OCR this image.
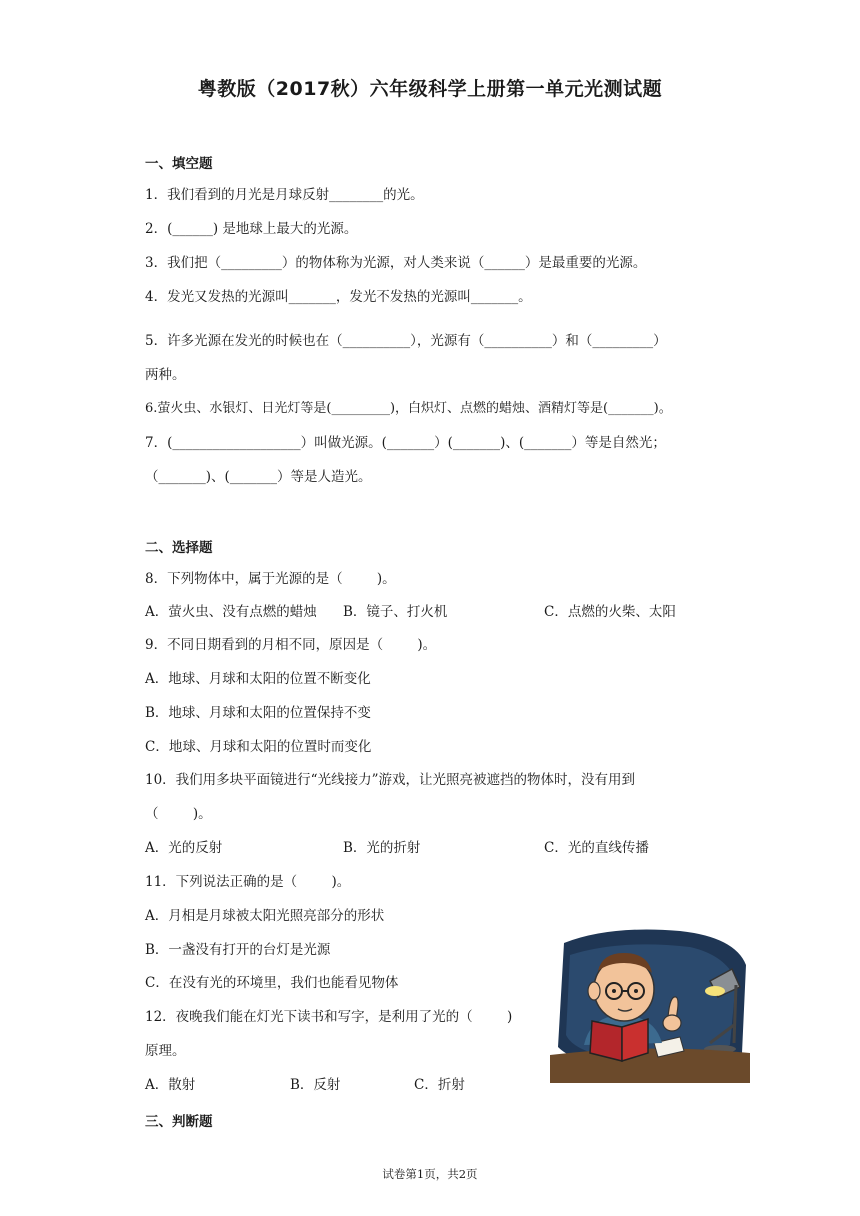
粤教版（2017秋）六年级科学上册第一单元光测试题
一、填空题
1．我们看到的月光是月球反射________的光。
2．(______) 是地球上最大的光源。
3．我们把（_________）的物体称为光源，对人类来说（______）是最重要的光源。
4．发光又发热的光源叫_______，发光不发热的光源叫_______。
5．许多光源在发光的时候也在（__________），光源有（__________）和（_________）
两种。
6.萤火虫、水银灯、日光灯等是(_________)，白炽灯、点燃的蜡烛、酒精灯等是(_______)。
7．(___________________）叫做光源。(_______）(_______)、(_______）等是自然光；
（_______)、(_______）等是人造光。
二、选择题
8．下列物体中，属于光源的是（        )。
A．萤火虫、没有点燃的蜡烛 B．镜子、打火机	C．点燃的火柴、太阳
9．不同日期看到的月相不同，原因是（        )。
A．地球、月球和太阳的位置不断变化
B．地球、月球和太阳的位置保持不变
C．地球、月球和太阳的位置时而变化
10．我们用多块平面镜进行“光线接力”游戏，让光照亮被遮挡的物体时，没有用到
（        )。
A．光的反射	B．光的折射	C．光的直线传播
11．下列说法正确的是（        )。
A．月相是月球被太阳光照亮部分的形状
B．一盏没有打开的台灯是光源
C．在没有光的环境里，我们也能看见物体
12．夜晚我们能在灯光下读书和写字，是利用了光的（        )
原理。
A．散射	B．反射	C．折射
三、判断题
试卷第1页，共2页
